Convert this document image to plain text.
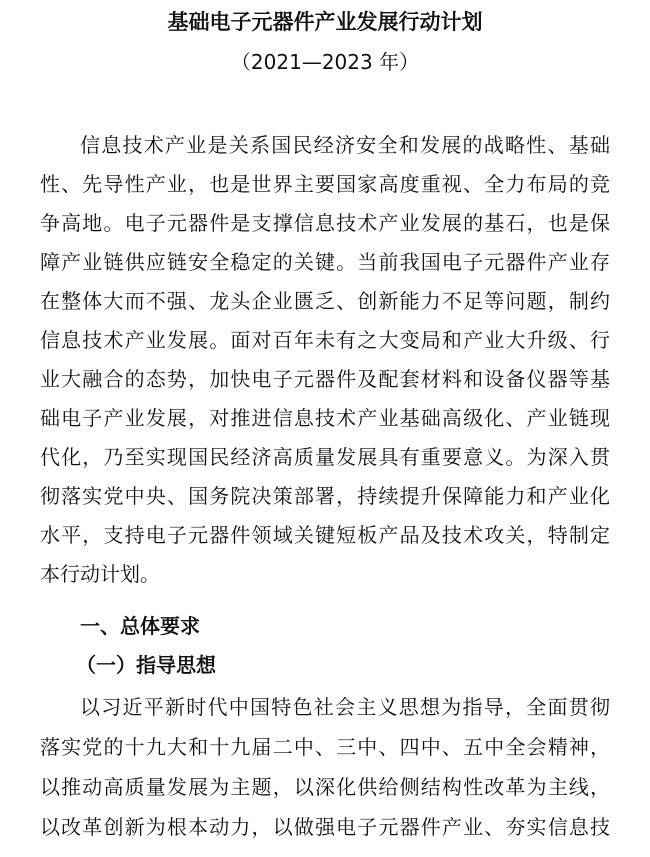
基础电子元器件产业发展行动计划
（2021—2023 年）
信息技术产业是关系国民经济安全和发展的战略性、基础
性、先导性产业，也是世界主要国家高度重视、全力布局的竞
争高地。电子元器件是支撑信息技术产业发展的基石，也是保
障产业链供应链安全稳定的关键。当前我国电子元器件产业存
在整体大而不强、龙头企业匮乏、创新能力不足等问题，制约
信息技术产业发展。面对百年未有之大变局和产业大升级、行
业大融合的态势，加快电子元器件及配套材料和设备仪器等基
础电子产业发展，对推进信息技术产业基础高级化、产业链现
代化，乃至实现国民经济高质量发展具有重要意义。为深入贯
彻落实党中央、国务院决策部署，持续提升保障能力和产业化
水平，支持电子元器件领域关键短板产品及技术攻关，特制定
本行动计划。
一、总体要求
（一）指导思想
以习近平新时代中国特色社会主义思想为指导，全面贯彻
落实党的十九大和十九届二中、三中、四中、五中全会精神，
以推动高质量发展为主题，以深化供给侧结构性改革为主线，
以改革创新为根本动力，以做强电子元器件产业、夯实信息技
